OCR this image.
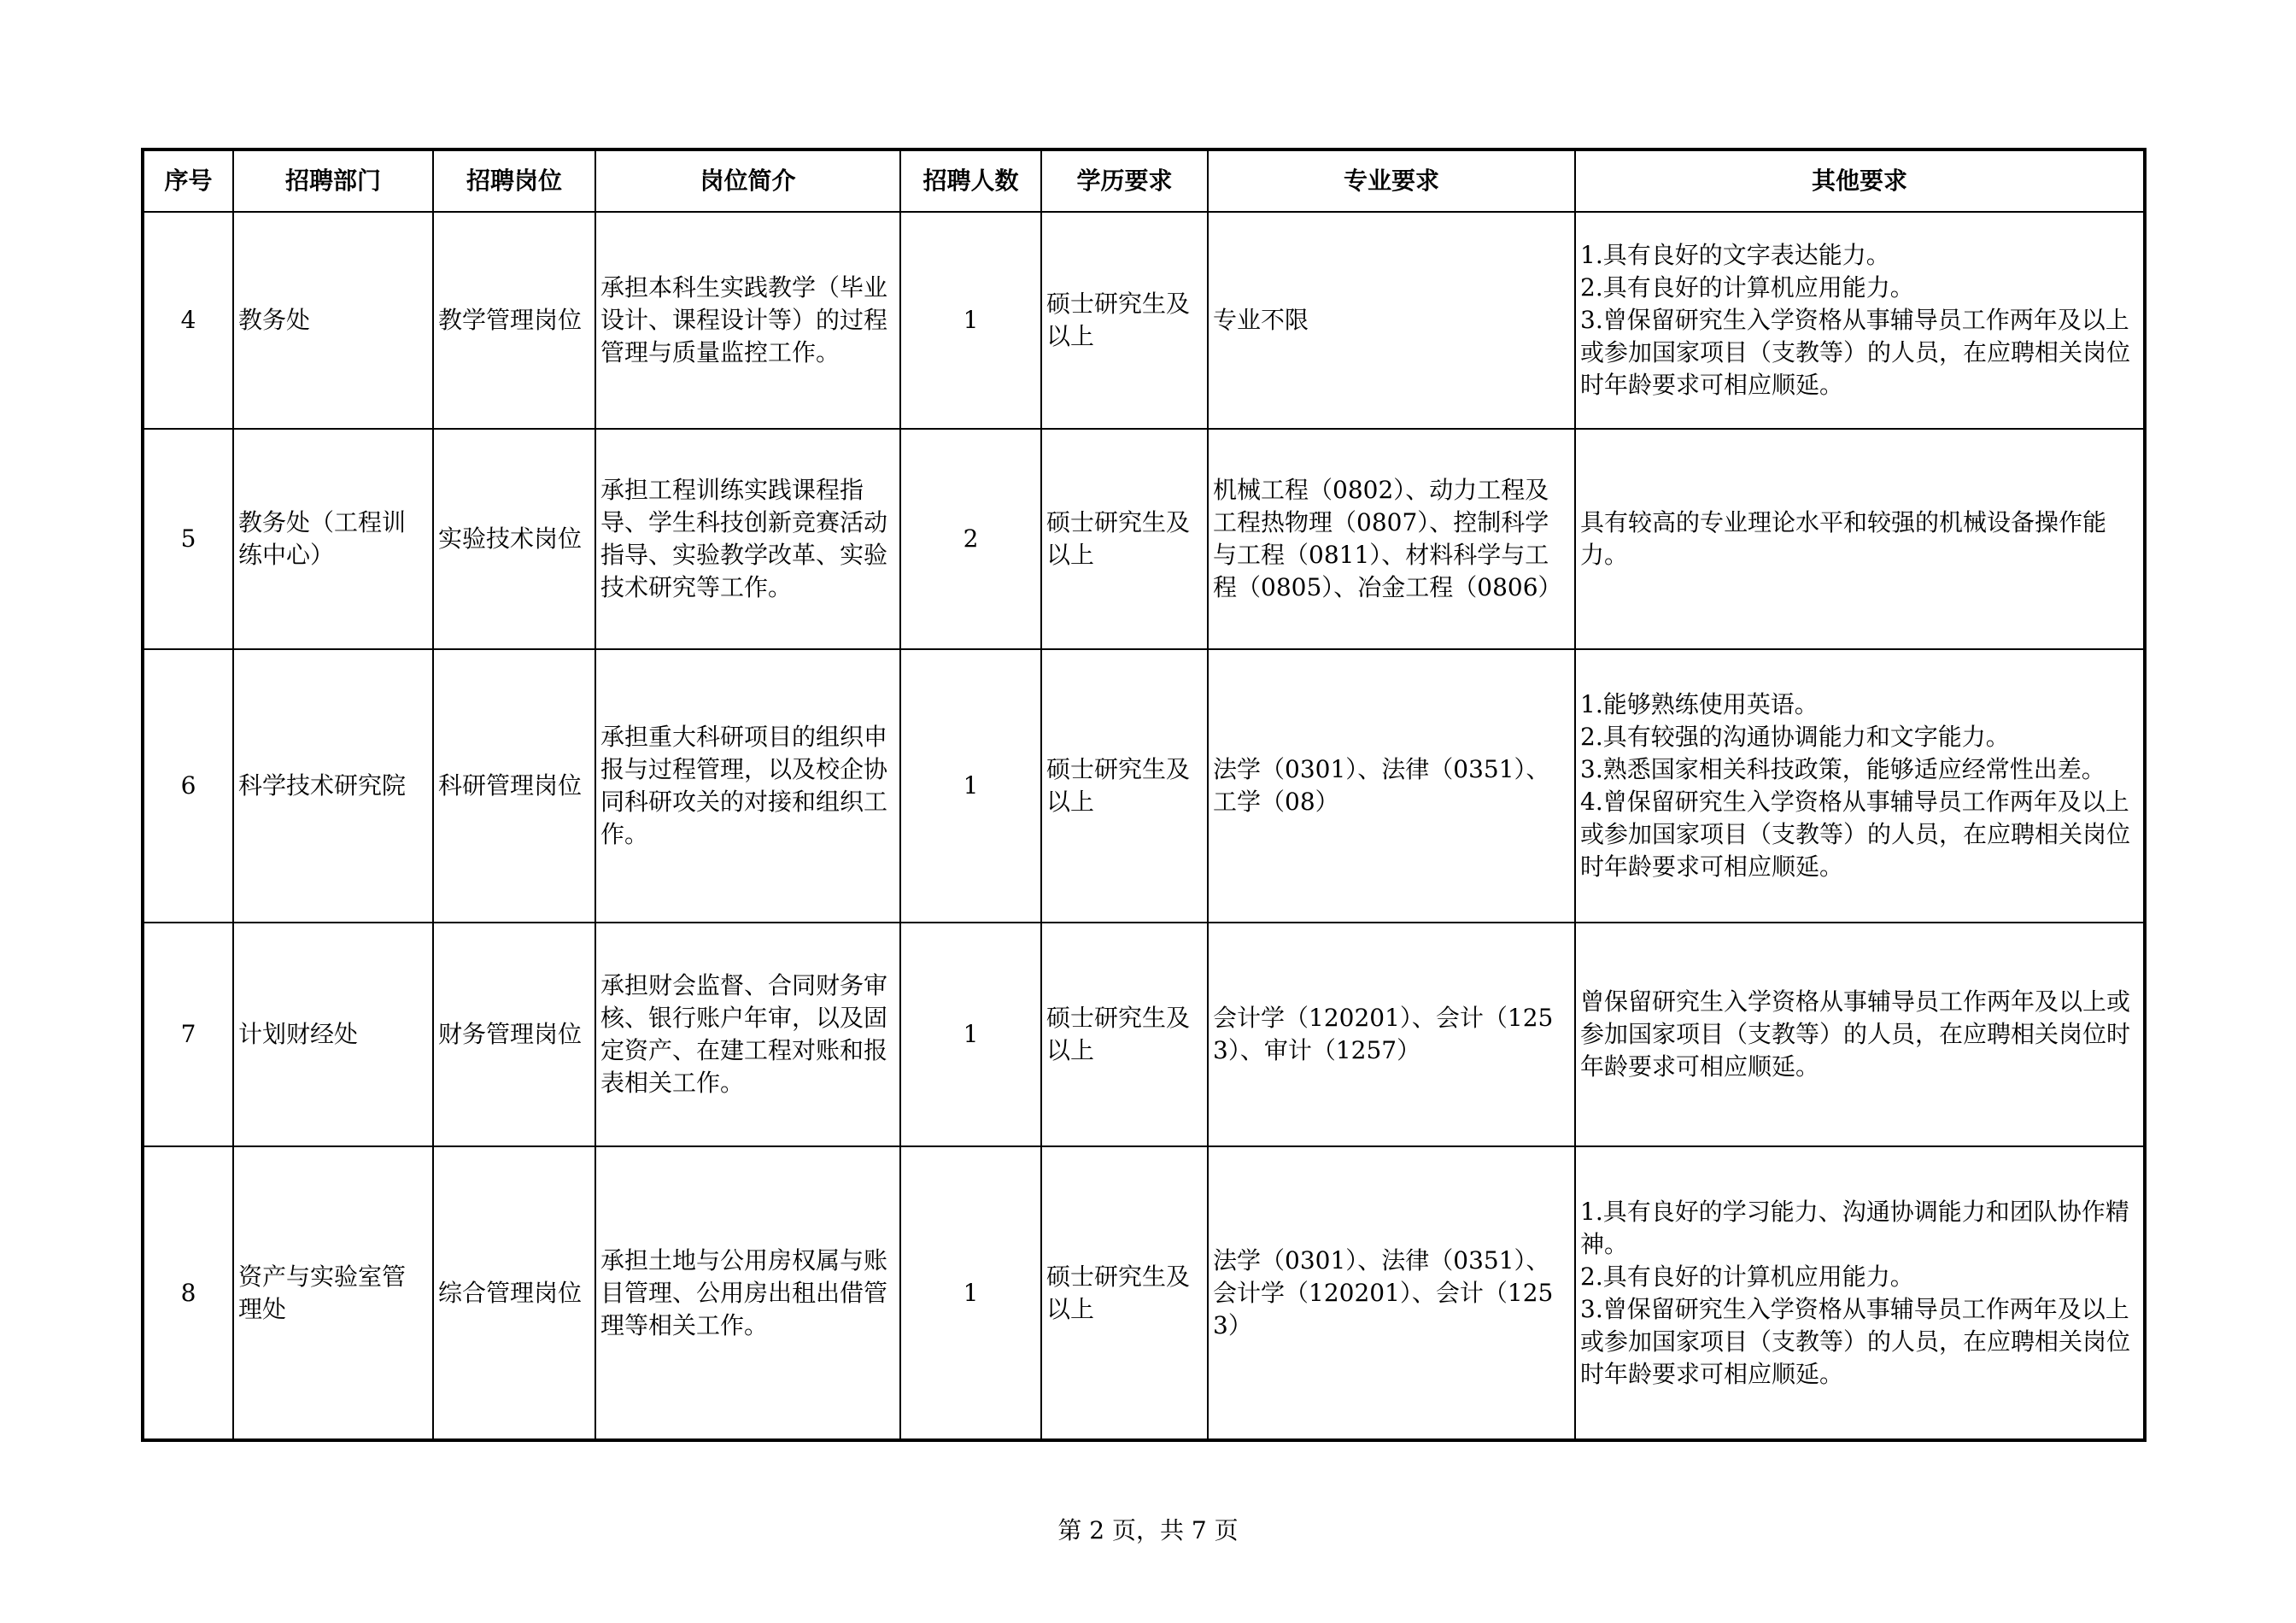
序号	招聘部门	招聘岗位	岗位简介	招聘人数	学历要求	专业要求	其他要求
4	教务处	教学管理岗位	承担本科生实践教学（毕业设计、课程设计等）的过程管理与质量监控工作。	1	硕士研究生及以上	专业不限	1.具有良好的文字表达能力。
2.具有良好的计算机应用能力。
3.曾保留研究生入学资格从事辅导员工作两年及以上或参加国家项目（支教等）的人员，在应聘相关岗位时年龄要求可相应顺延。

5	教务处（工程训练中心）	实验技术岗位	承担工程训练实践课程指导、学生科技创新竞赛活动指导、实验教学改革、实验技术研究等工作。	2	硕士研究生及以上	机械工程（0802）、动力工程及工程热物理（0807）、控制科学与工程（0811）、材料科学与工程（0805）、冶金工程（0806）	具有较高的专业理论水平和较强的机械设备操作能力。

6	科学技术研究院	科研管理岗位	承担重大科研项目的组织申报与过程管理，以及校企协同科研攻关的对接和组织工作。	1	硕士研究生及以上	法学（0301）、法律（0351）、工学（08）	1.能够熟练使用英语。
2.具有较强的沟通协调能力和文字能力。
3.熟悉国家相关科技政策，能够适应经常性出差。
4.曾保留研究生入学资格从事辅导员工作两年及以上或参加国家项目（支教等）的人员，在应聘相关岗位时年龄要求可相应顺延。

7	计划财经处	财务管理岗位	承担财会监督、合同财务审核、银行账户年审，以及固定资产、在建工程对账和报表相关工作。	1	硕士研究生及以上	会计学（120201）、会计（1253）、审计（1257）	曾保留研究生入学资格从事辅导员工作两年及以上或参加国家项目（支教等）的人员，在应聘相关岗位时年龄要求可相应顺延。

8	资产与实验室管理处	综合管理岗位	承担土地与公用房权属与账目管理、公用房出租出借管理等相关工作。	1	硕士研究生及以上	法学（0301）、法律（0351）、会计学（120201）、会计（1253）	1.具有良好的学习能力、沟通协调能力和团队协作精神。
2.具有良好的计算机应用能力。
3.曾保留研究生入学资格从事辅导员工作两年及以上或参加国家项目（支教等）的人员，在应聘相关岗位时年龄要求可相应顺延。
第 2 页，共 7 页
